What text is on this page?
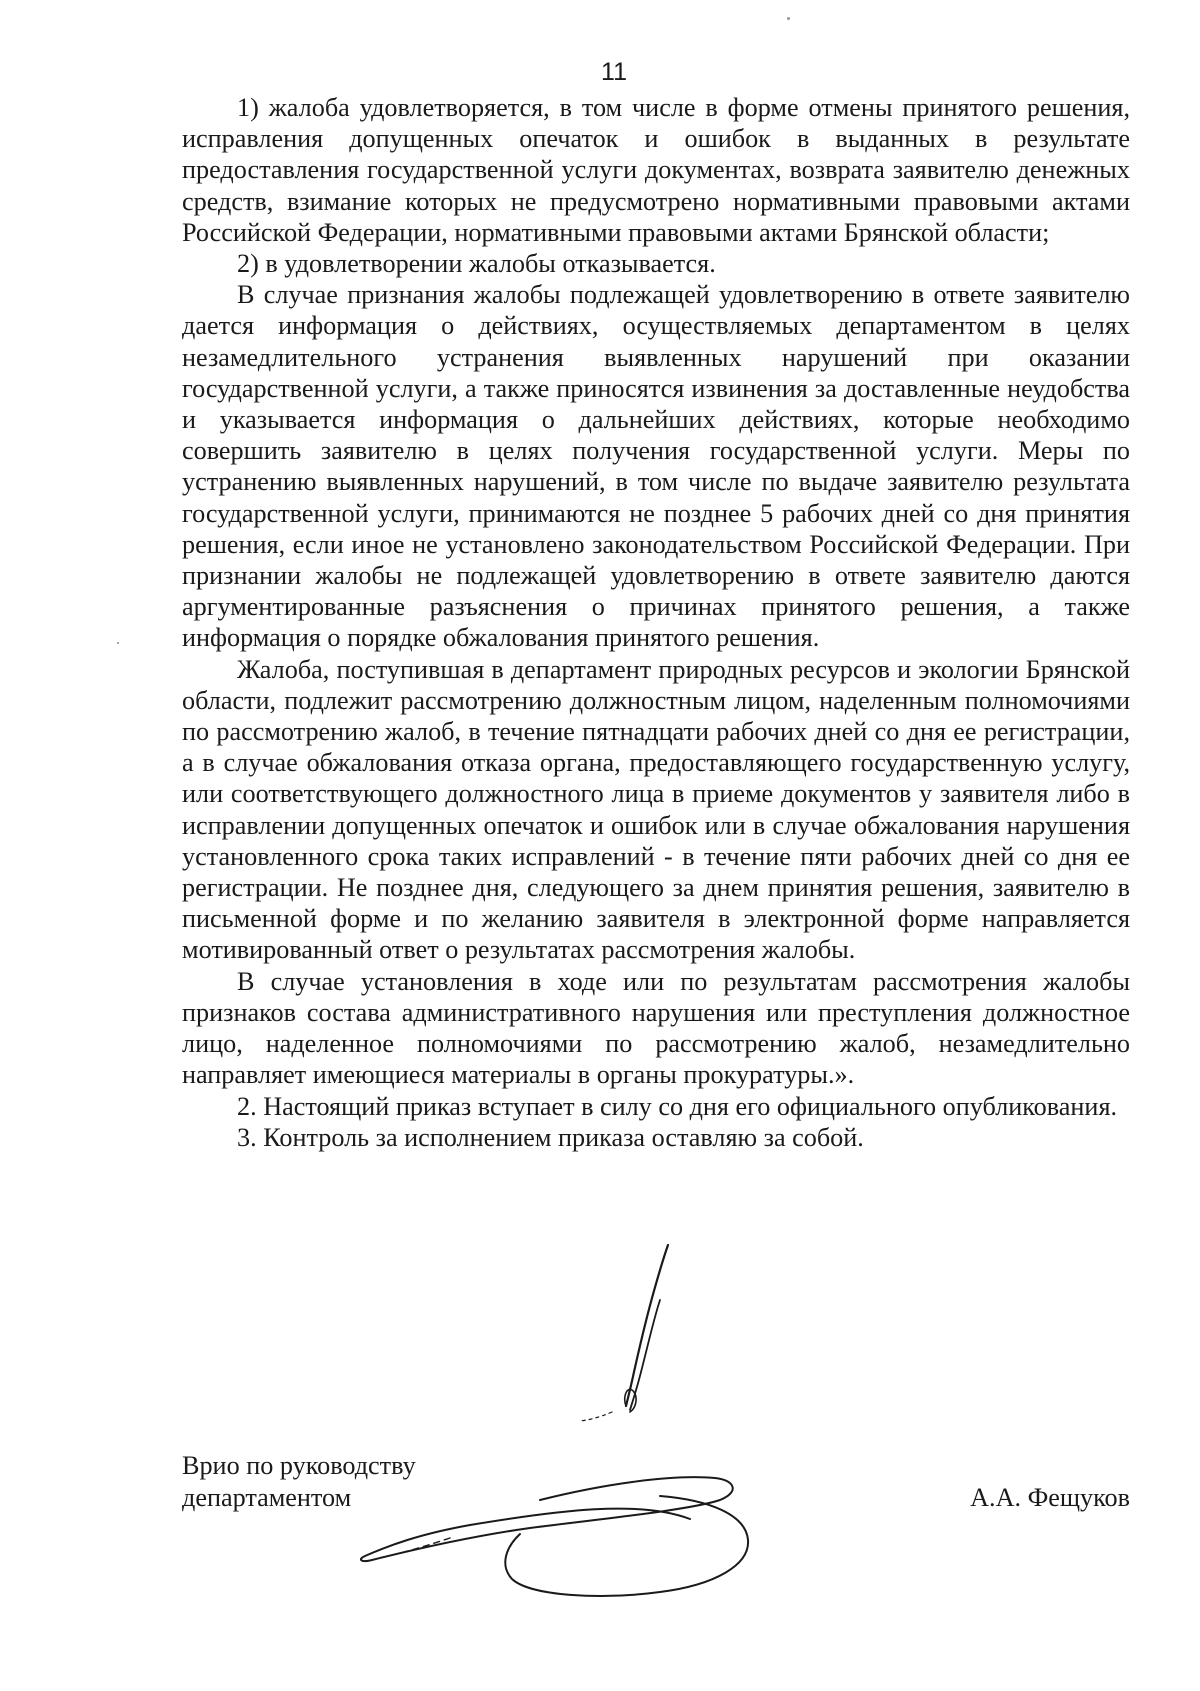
11

1) жалоба удовлетворяется, в том числе в форме отмены принятого решения, исправления допущенных опечаток и ошибок в выданных в результате предоставления государственной услуги документах, возврата заявителю денежных средств, взимание которых не предусмотрено нормативными правовыми актами Российской Федерации, нормативными правовыми актами Брянской области;

2) в удовлетворении жалобы отказывается.

В случае признания жалобы подлежащей удовлетворению в ответе заявителю дается информация о действиях, осуществляемых департаментом в целях незамедлительного устранения выявленных нарушений при оказании государственной услуги, а также приносятся извинения за доставленные неудобства и указывается информация о дальнейших действиях, которые необходимо совершить заявителю в целях получения государственной услуги. Меры по устранению выявленных нарушений, в том числе по выдаче заявителю результата государственной услуги, принимаются не позднее 5 рабочих дней со дня принятия решения, если иное не установлено законодательством Российской Федерации. При признании жалобы не подлежащей удовлетворению в ответе заявителю даются аргументированные разъяснения о причинах принятого решения, а также информация о порядке обжалования принятого решения.

Жалоба, поступившая в департамент природных ресурсов и экологии Брянской области, подлежит рассмотрению должностным лицом, наделенным полномочиями по рассмотрению жалоб, в течение пятнадцати рабочих дней со дня ее регистрации, а в случае обжалования отказа органа, предоставляющего государственную услугу, или соответствующего должностного лица в приеме документов у заявителя либо в исправлении допущенных опечаток и ошибок или в случае обжалования нарушения установленного срока таких исправлений - в течение пяти рабочих дней со дня ее регистрации. Не позднее дня, следующего за днем принятия решения, заявителю в письменной форме и по желанию заявителя в электронной форме направляется мотивированный ответ о результатах рассмотрения жалобы.

В случае установления в ходе или по результатам рассмотрения жалобы признаков состава административного нарушения или преступления должностное лицо, наделенное полномочиями по рассмотрению жалоб, незамедлительно направляет имеющиеся материалы в органы прокуратуры.».

2. Настоящий приказ вступает в силу со дня его официального опубликования.

3. Контроль за исполнением приказа оставляю за собой.

Врио по руководству
департаментом	А.А. Фещуков
